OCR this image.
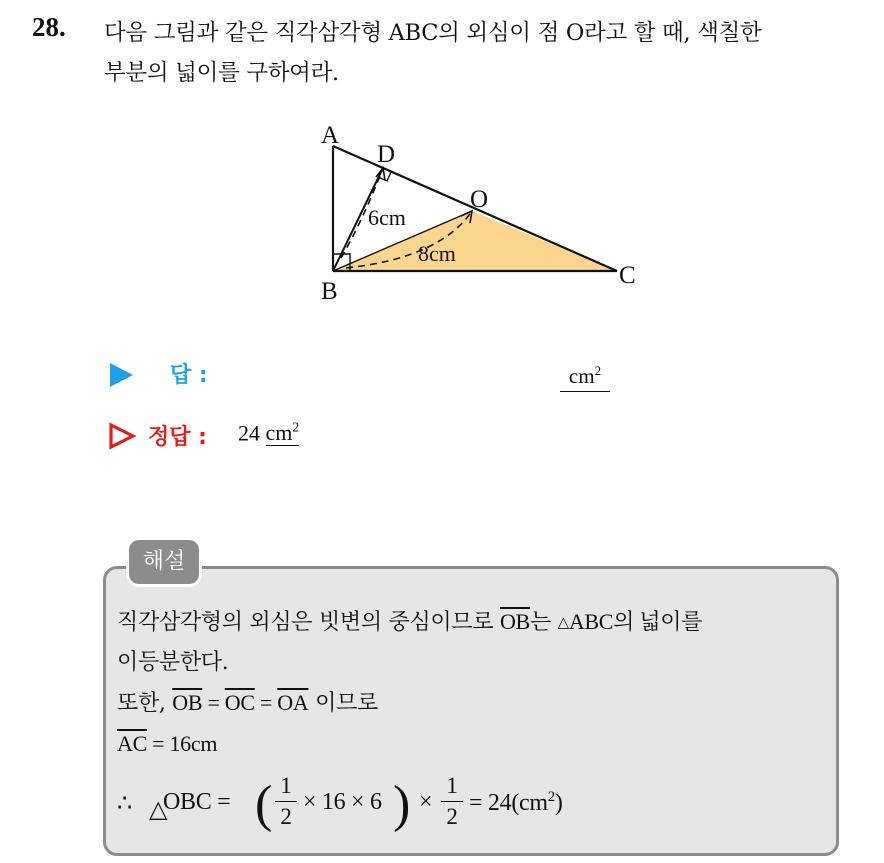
28. 다음 그림과 같은 직각삼각형 ABC의 외심이 점 O라고 할 때, 색칠한
부분의 넓이를 구하여라.
A
D
O
B
C
6cm
8cm
답 :	$cm^2$
정답 : 24 $cm^2$
해설
직각삼각형의 외심은 빗변의 중심이므로 $\overline{OB}$는 △ABC의 넓이를
이등분한다.
또한, $\overline{OB} = \overline{OC} = \overline{OA}$ 이므로
$\overline{AC} = 16cm$
∴ △
OBC = ( $\frac{1}{2} \times 16 \times 6$ ) × $\frac{1}{2} = 24(cm^2)$
